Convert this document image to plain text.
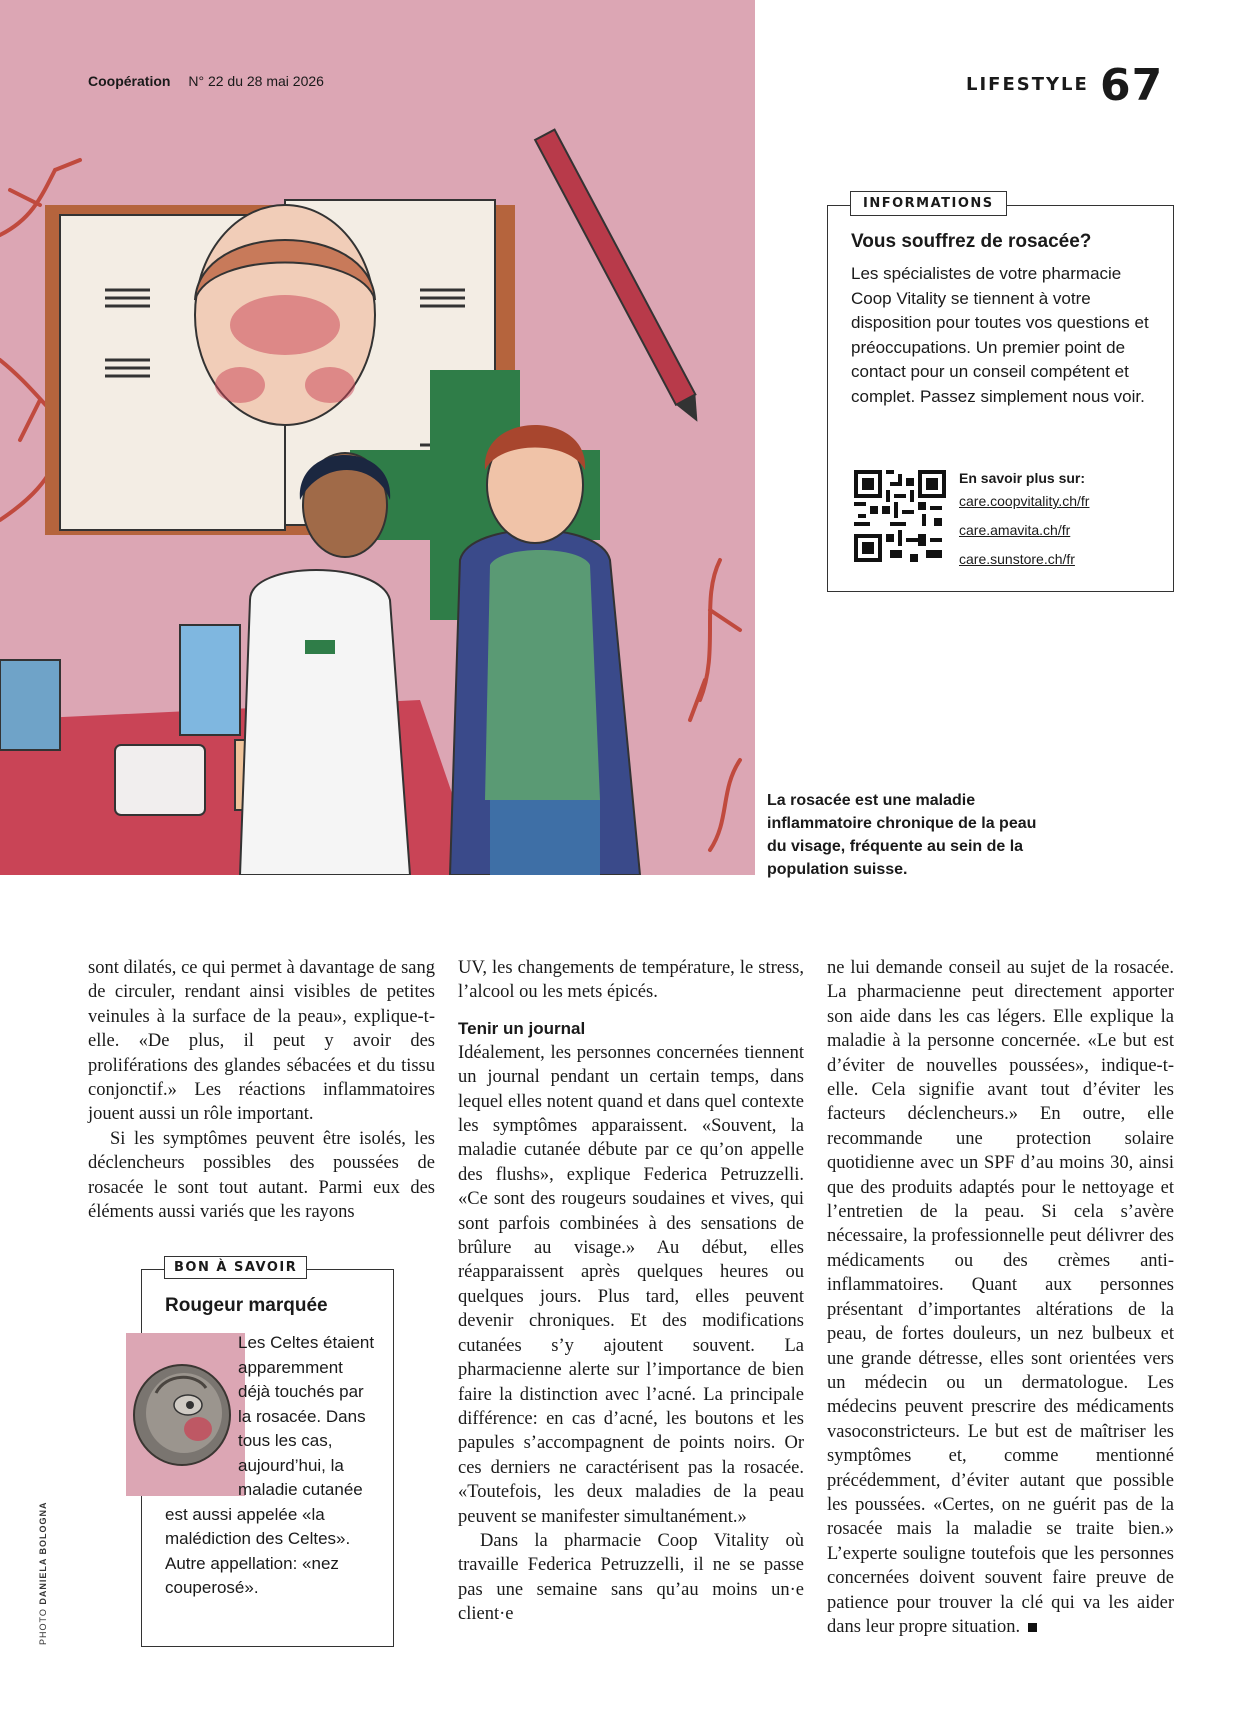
Coopération N° 22 du 28 mai 2026	LIFESTYLE 67
INFORMATIONS
Vous souffrez de rosacée?
Les spécialistes de votre pharmacie Coop Vitality se tiennent à votre disposition pour toutes vos questions et préoccupations. Un premier point de contact pour un conseil compétent et complet. Passez simplement nous voir.
En savoir plus sur:
care.coopvitality.ch/fr
care.amavita.ch/fr
care.sunstore.ch/fr
La rosacée est une maladie inflammatoire chronique de la peau du visage, fréquente au sein de la population suisse.

sont dilatés, ce qui permet à davantage de sang de circuler, rendant ainsi visibles de petites veinules à la surface de la peau», explique-t-elle. «De plus, il peut y avoir des proliférations des glandes sébacées et du tissu conjonctif.» Les réactions inflammatoires jouent aussi un rôle important.

Si les symptômes peuvent être isolés, les déclencheurs possibles des poussées de rosacée le sont tout autant. Parmi eux des éléments aussi variés que les rayons

UV, les changements de température, le stress, l’alcool ou les mets épicés.

Tenir un journal

Idéalement, les personnes concernées tiennent un journal pendant un certain temps, dans lequel elles notent quand et dans quel contexte les symptômes apparaissent. «Souvent, la maladie cutanée débute par ce qu’on appelle des flushs», explique Federica Petruzzelli. «Ce sont des rougeurs soudaines et vives, qui sont parfois combinées à des sensations de brûlure au visage.» Au début, elles réapparaissent après quelques heures ou quelques jours. Plus tard, elles peuvent devenir chroniques. Et des modifications cutanées s’y ajoutent souvent. La pharmacienne alerte sur l’importance de bien faire la distinction avec l’acné. La principale différence: en cas d’acné, les boutons et les papules s’accompagnent de points noirs. Or ces derniers ne caractérisent pas la rosacée. «Toutefois, les deux maladies de la peau peuvent se manifester simultanément.»

Dans la pharmacie Coop Vitality où travaille Federica Petruzzelli, il ne se passe pas une semaine sans qu’au moins un·e client·e

ne lui demande conseil au sujet de la rosacée. La pharmacienne peut directement apporter son aide dans les cas légers. Elle explique la maladie à la personne concernée. «Le but est d’éviter de nouvelles poussées», indique-t-elle. Cela signifie avant tout d’éviter les facteurs déclencheurs.» En outre, elle recommande une protection solaire quotidienne avec un SPF d’au moins 30, ainsi que des produits adaptés pour le nettoyage et l’entretien de la peau. Si cela s’avère nécessaire, la professionnelle peut délivrer des médicaments ou des crèmes anti-inflammatoires. Quant aux personnes présentant d’importantes altérations de la peau, de fortes douleurs, un nez bulbeux et une grande détresse, elles sont orientées vers un médecin ou un dermatologue. Les médecins peuvent prescrire des médicaments vasoconstricteurs. Le but est de maîtriser les symptômes et, comme mentionné précédemment, d’éviter autant que possible les poussées. «Certes, on ne guérit pas de la rosacée mais la maladie se traite bien.» L’experte souligne toutefois que les personnes concernées doivent souvent faire preuve de patience pour trouver la clé qui va les aider dans leur propre situation.

BON À SAVOIR
Rougeur marquée
Les Celtes étaient apparemment déjà touchés par la rosacée. Dans tous les cas, aujourd’hui, la maladie cutanée est aussi appelée «la malédiction des Celtes». Autre appellation: «nez couperosé».
PHOTO DANIELA BOLOGNA
